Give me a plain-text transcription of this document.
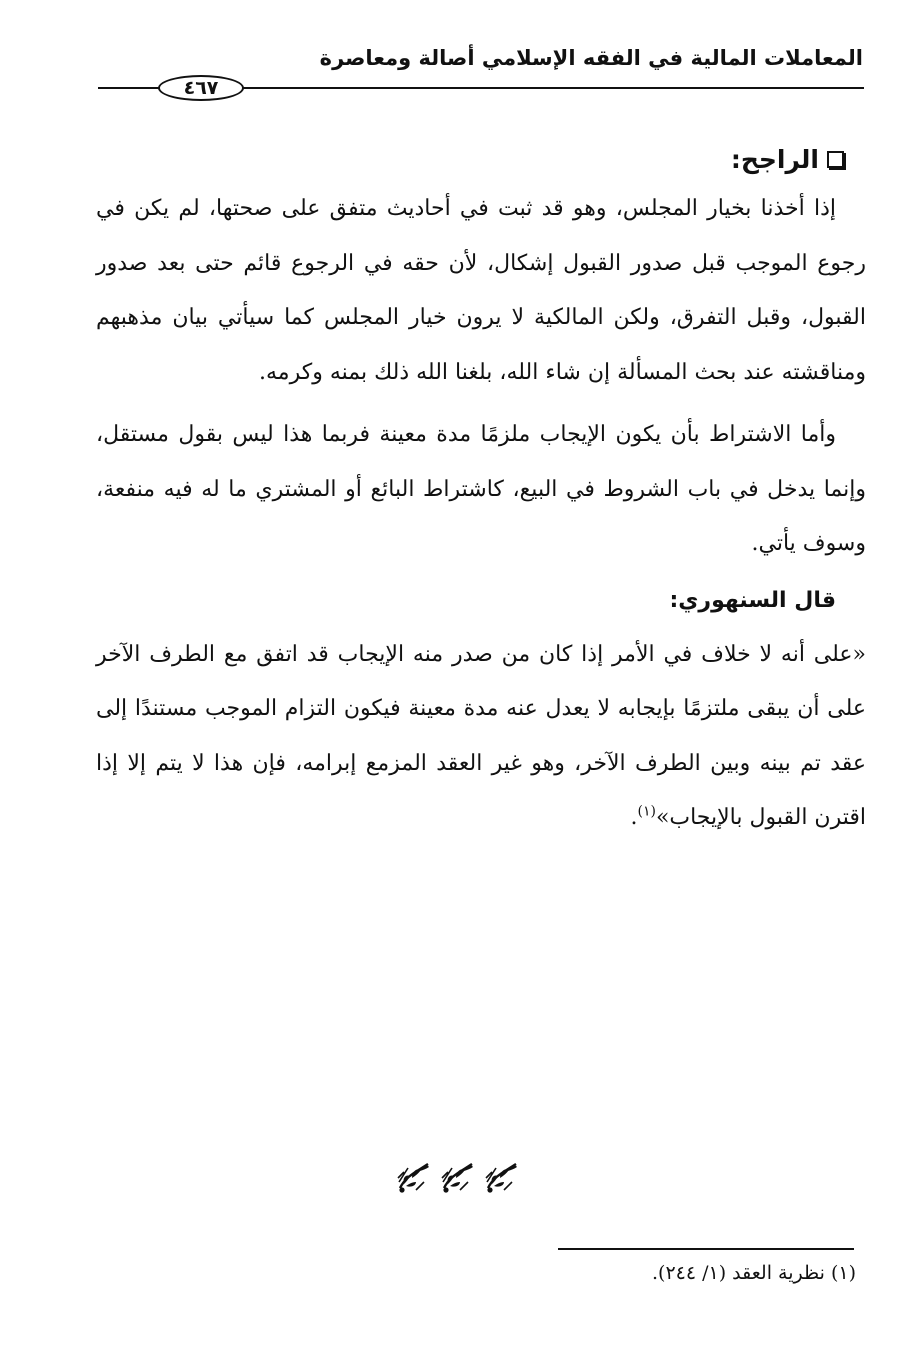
المعاملات المالية في الفقه الإسلامي أصالة ومعاصرة
٤٦٧
الراجح:

إذا أخذنا بخيار المجلس، وهو قد ثبت في أحاديث متفق على صحتها، لم يكن في رجوع الموجب قبل صدور القبول إشكال، لأن حقه في الرجوع قائم حتى بعد صدور القبول، وقبل التفرق، ولكن المالكية لا يرون خيار المجلس كما سيأتي بيان مذهبهم ومناقشته عند بحث المسألة إن شاء الله، بلغنا الله ذلك بمنه وكرمه.

وأما الاشتراط بأن يكون الإيجاب ملزمًا مدة معينة فربما هذا ليس بقول مستقل، وإنما يدخل في باب الشروط في البيع، كاشتراط البائع أو المشتري ما له فيه منفعة، وسوف يأتي.

قال السنهوري:

«على أنه لا خلاف في الأمر إذا كان من صدر منه الإيجاب قد اتفق مع الطرف الآخر على أن يبقى ملتزمًا بإيجابه لا يعدل عنه مدة معينة فيكون التزام الموجب مستندًا إلى عقد تم بينه وبين الطرف الآخر، وهو غير العقد المزمع إبرامه، فإن هذا لا يتم إلا إذا اقترن القبول بالإيجاب»$^{(١)}$.

(١) نظرية العقد (١/ ٢٤٤).
